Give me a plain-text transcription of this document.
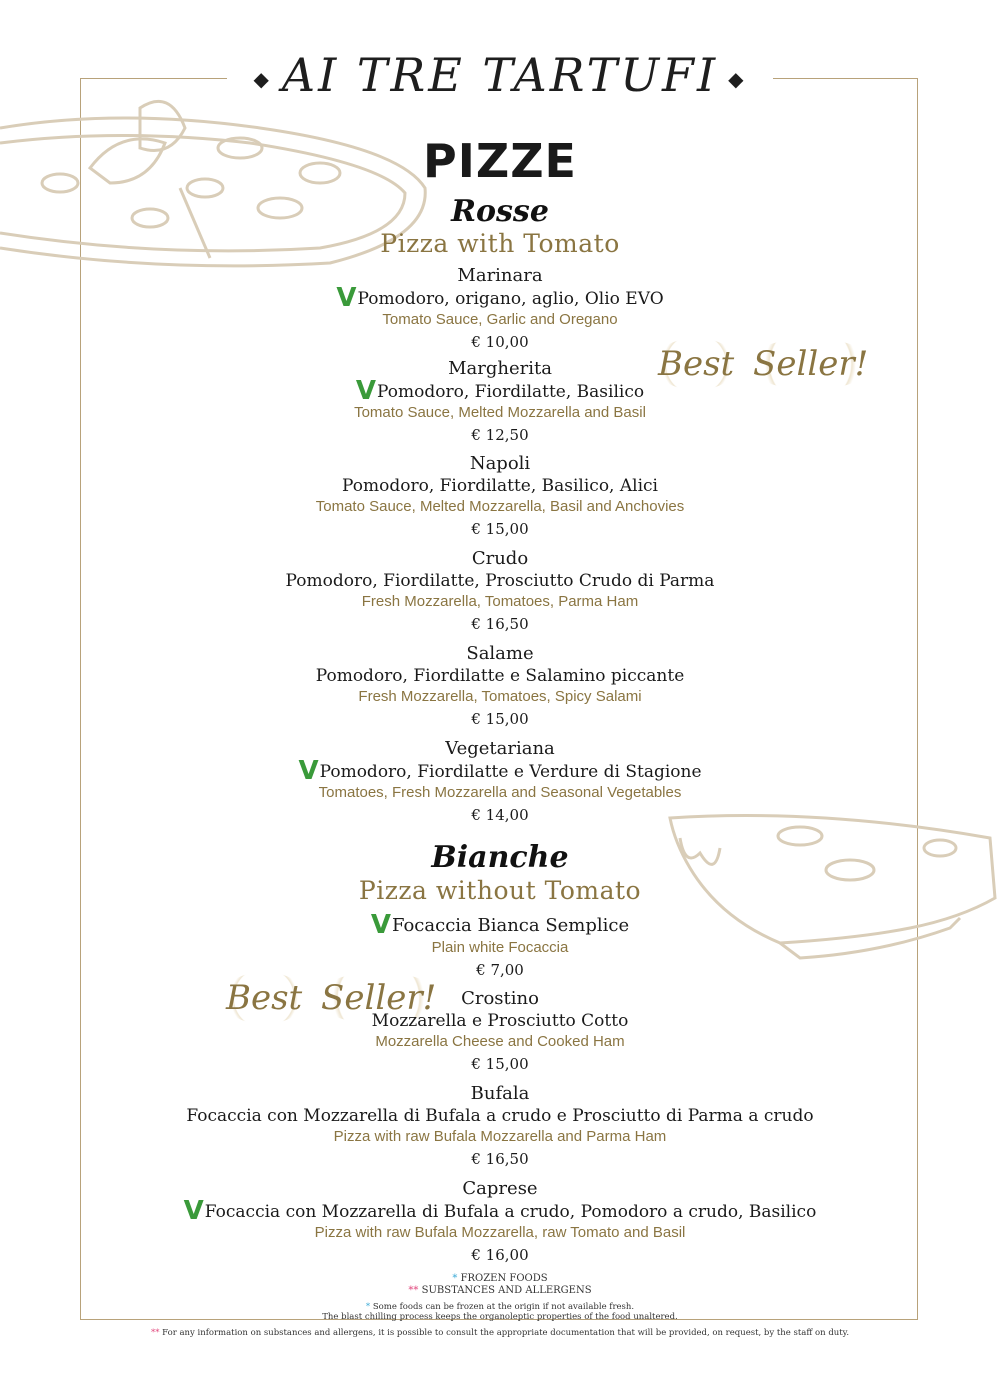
◆ AI TRE TARTUFI ◆
PIZZE
Rosse
Pizza with Tomato
Marinara
VPomodoro, origano, aglio, Olio EVO
Tomato Sauce, Garlic and Oregano
€ 10,00
Margherita
VPomodoro, Fiordilatte, Basilico
Tomato Sauce, Melted Mozzarella and Basil
€ 12,50
Best Seller!
Napoli
Pomodoro, Fiordilatte, Basilico, Alici
Tomato Sauce, Melted Mozzarella, Basil and Anchovies
€ 15,00
Crudo
Pomodoro, Fiordilatte, Prosciutto Crudo di Parma
Fresh Mozzarella, Tomatoes, Parma Ham
€ 16,50
Salame
Pomodoro, Fiordilatte e Salamino piccante
Fresh Mozzarella, Tomatoes, Spicy Salami
€ 15,00
Vegetariana
VPomodoro, Fiordilatte e Verdure di Stagione
Tomatoes, Fresh Mozzarella and Seasonal Vegetables
€ 14,00
Bianche
Pizza without Tomato
VFocaccia Bianca Semplice
Plain white Focaccia
€ 7,00
Best Seller!	Crostino
Mozzarella e Prosciutto Cotto
Mozzarella Cheese and Cooked Ham
€ 15,00
Bufala
Focaccia con Mozzarella di Bufala a crudo e Prosciutto di Parma a crudo
Pizza with raw Bufala Mozzarella and Parma Ham
€ 16,50
Caprese
VFocaccia con Mozzarella di Bufala a crudo, Pomodoro a crudo, Basilico
Pizza with raw Bufala Mozzarella, raw Tomato and Basil
€ 16,00
* FROZEN FOODS
** SUBSTANCES AND ALLERGENS
* Some foods can be frozen at the origin if not available fresh.
The blast chilling process keeps the organoleptic properties of the food unaltered.
** For any information on substances and allergens, it is possible to consult the appropriate documentation that will be provided, on request, by the staff on duty.
